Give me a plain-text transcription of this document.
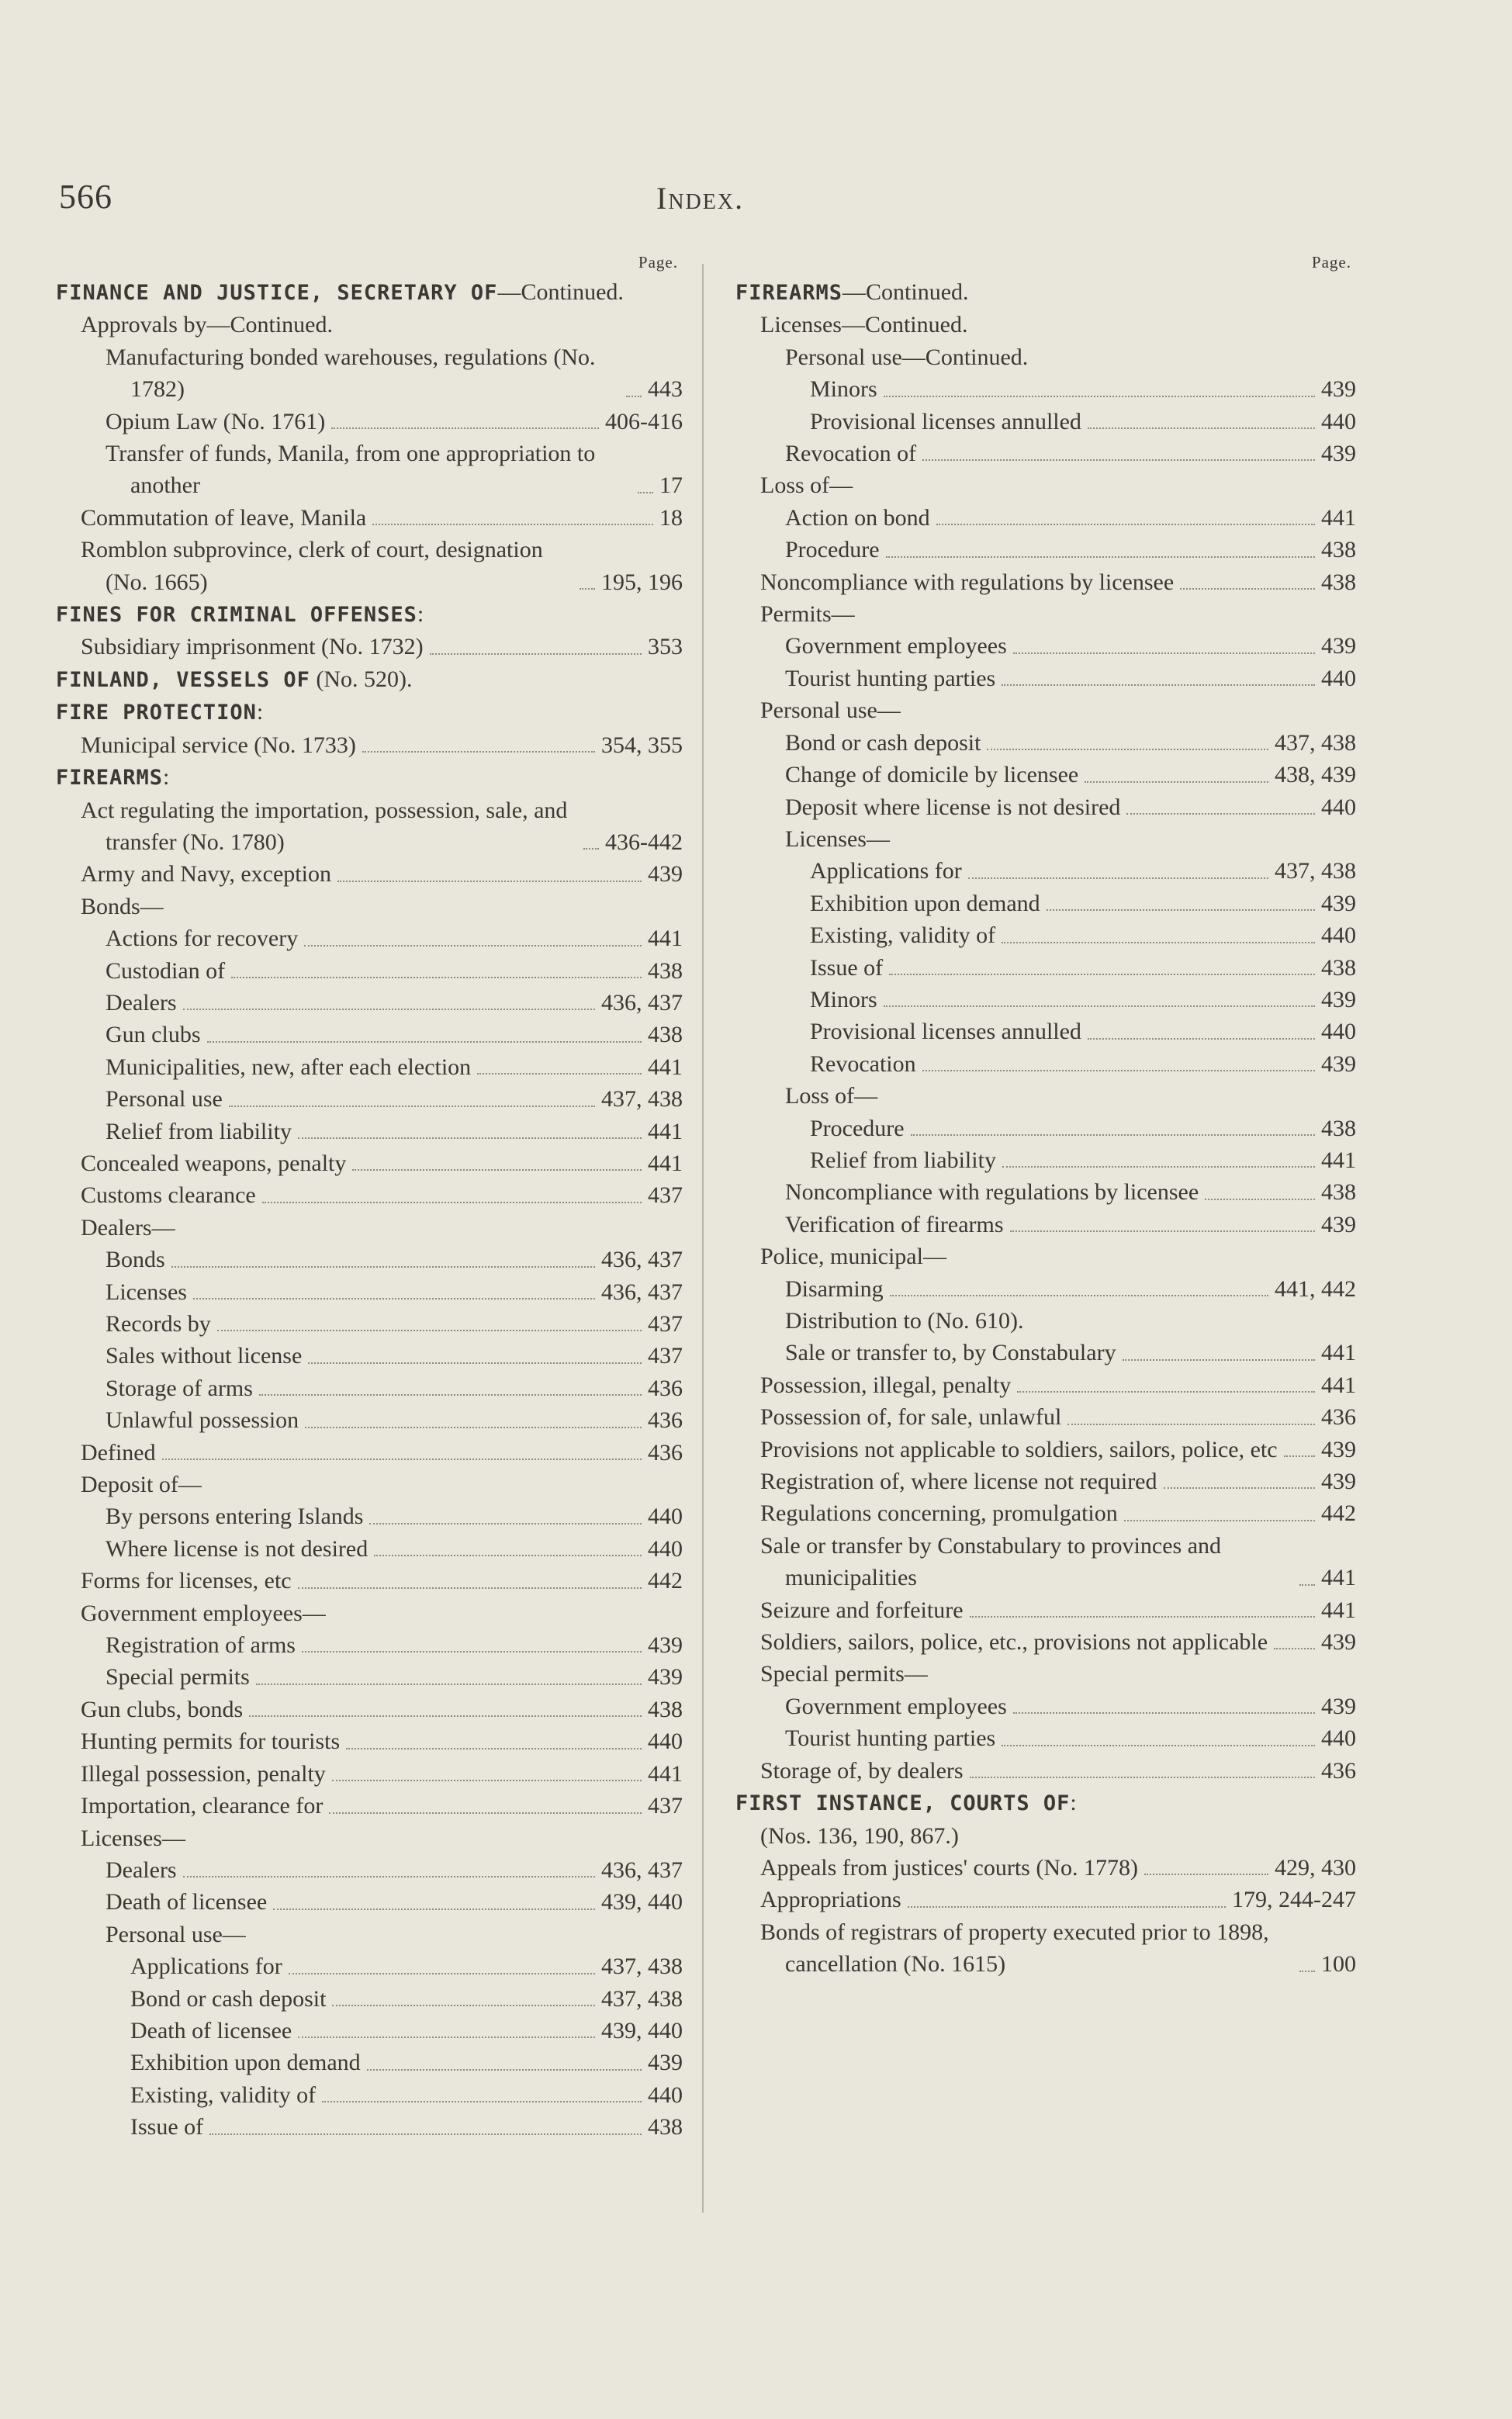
566	Index.
Page.
FINANCE AND JUSTICE, SECRETARY OF—Continued.
Approvals by—Continued.
Manufacturing bonded warehouses, regulations (No. 1782)	443
Opium Law (No. 1761)	406-416
Transfer of funds, Manila, from one appropriation to another	17
Commutation of leave, Manila	18
Romblon subprovince, clerk of court, designation (No. 1665)	195, 196
FINES FOR CRIMINAL OFFENSES:
Subsidiary imprisonment (No. 1732)	353
FINLAND, VESSELS OF (No. 520).
FIRE PROTECTION:
Municipal service (No. 1733)	354, 355
FIREARMS:
Act regulating the importation, possession, sale, and transfer (No. 1780)	436-442
Army and Navy, exception	439
Bonds—
Actions for recovery	441
Custodian of	438
Dealers	436, 437
Gun clubs	438
Municipalities, new, after each election	441
Personal use	437, 438
Relief from liability	441
Concealed weapons, penalty	441
Customs clearance	437
Dealers—
Bonds	436, 437
Licenses	436, 437
Records by	437
Sales without license	437
Storage of arms	436
Unlawful possession	436
Defined	436
Deposit of—
By persons entering Islands	440
Where license is not desired	440
Forms for licenses, etc	442
Government employees—
Registration of arms	439
Special permits	439
Gun clubs, bonds	438
Hunting permits for tourists	440
Illegal possession, penalty	441
Importation, clearance for	437
Licenses—
Dealers	436, 437
Death of licensee	439, 440
Personal use—
Applications for	437, 438
Bond or cash deposit	437, 438
Death of licensee	439, 440
Exhibition upon demand	439
Existing, validity of	440
Issue of	438
Page.
FIREARMS—Continued.
Licenses—Continued.
Personal use—Continued.
Minors	439
Provisional licenses annulled	440
Revocation of	439
Loss of—
Action on bond	441
Procedure	438
Noncompliance with regulations by licensee	438
Permits—
Government employees	439
Tourist hunting parties	440
Personal use—
Bond or cash deposit	437, 438
Change of domicile by licensee	438, 439
Deposit where license is not desired	440
Licenses—
Applications for	437, 438
Exhibition upon demand	439
Existing, validity of	440
Issue of	438
Minors	439
Provisional licenses annulled	440
Revocation	439
Loss of—
Procedure	438
Relief from liability	441
Noncompliance with regulations by licensee	438
Verification of firearms	439
Police, municipal—
Disarming	441, 442
Distribution to (No. 610).
Sale or transfer to, by Constabulary	441
Possession, illegal, penalty	441
Possession of, for sale, unlawful	436
Provisions not applicable to soldiers, sailors, police, etc 439
Registration of, where license not required	439
Regulations concerning, promulgation	442
Sale or transfer by Constabulary to provinces and municipalities	441
Seizure and forfeiture	441
Soldiers, sailors, police, etc., provisions not applicable 439
Special permits—
Government employees	439
Tourist hunting parties	440
Storage of, by dealers	436
FIRST INSTANCE, COURTS OF:
(Nos. 136, 190, 867.)
Appeals from justices' courts (No. 1778)	429, 430
Appropriations	179, 244-247
Bonds of registrars of property executed prior to 1898, cancellation (No. 1615)	100
